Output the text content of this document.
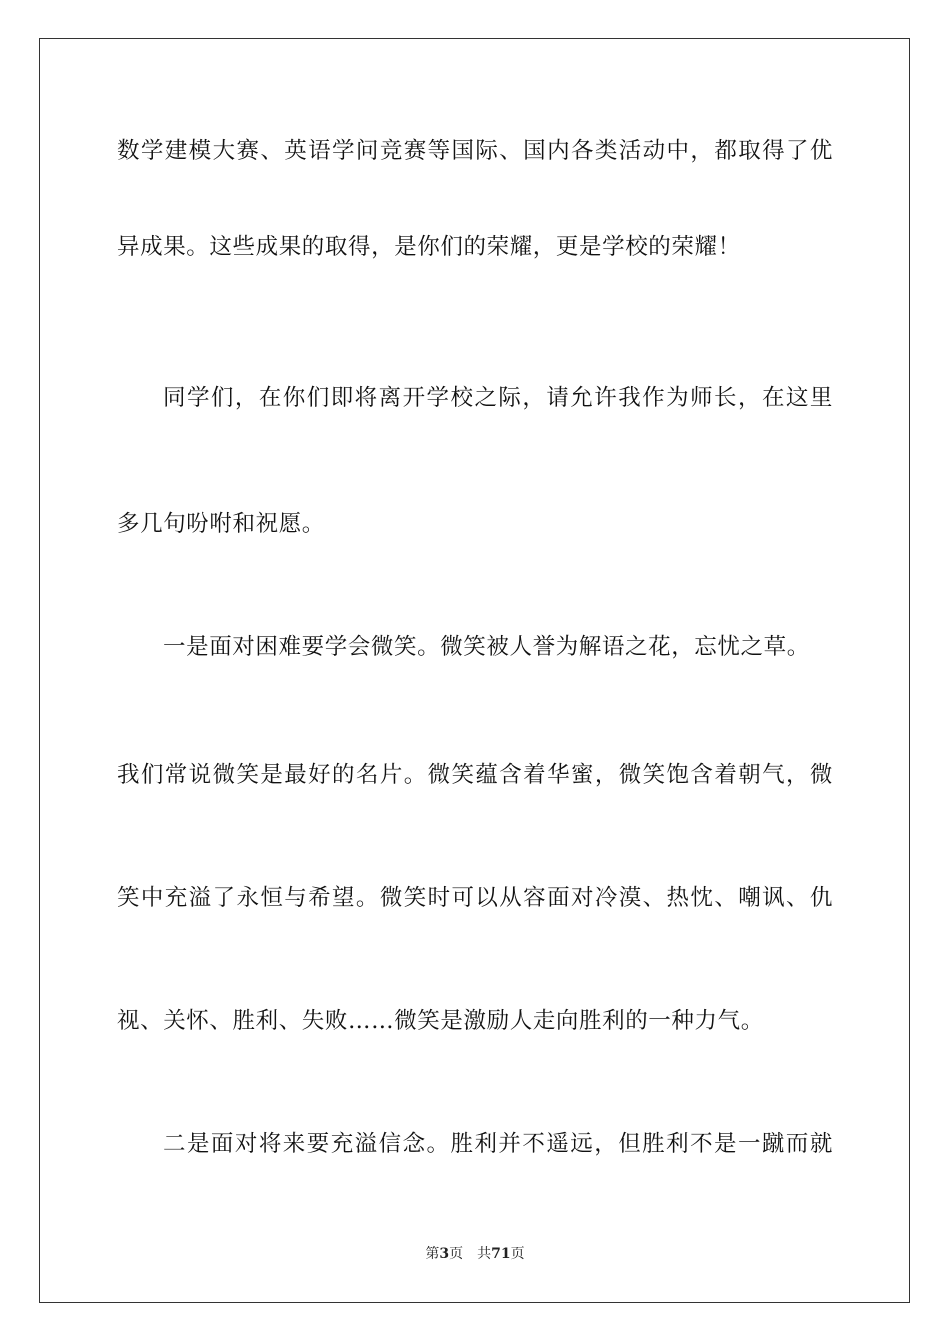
数学建模大赛、英语学问竞赛等国际、国内各类活动中，都取得了优
异成果。这些成果的取得，是你们的荣耀，更是学校的荣耀！
同学们，在你们即将离开学校之际，请允许我作为师长，在这里
多几句吩咐和祝愿。
一是面对困难要学会微笑。微笑被人誉为解语之花，忘忧之草。
我们常说微笑是最好的名片。微笑蕴含着华蜜，微笑饱含着朝气，微
笑中充溢了永恒与希望。微笑时可以从容面对冷漠、热忱、嘲讽、仇
视、关怀、胜利、失败……微笑是激励人走向胜利的一种力气。
二是面对将来要充溢信念。胜利并不遥远，但胜利不是一蹴而就
第3页 共71页
